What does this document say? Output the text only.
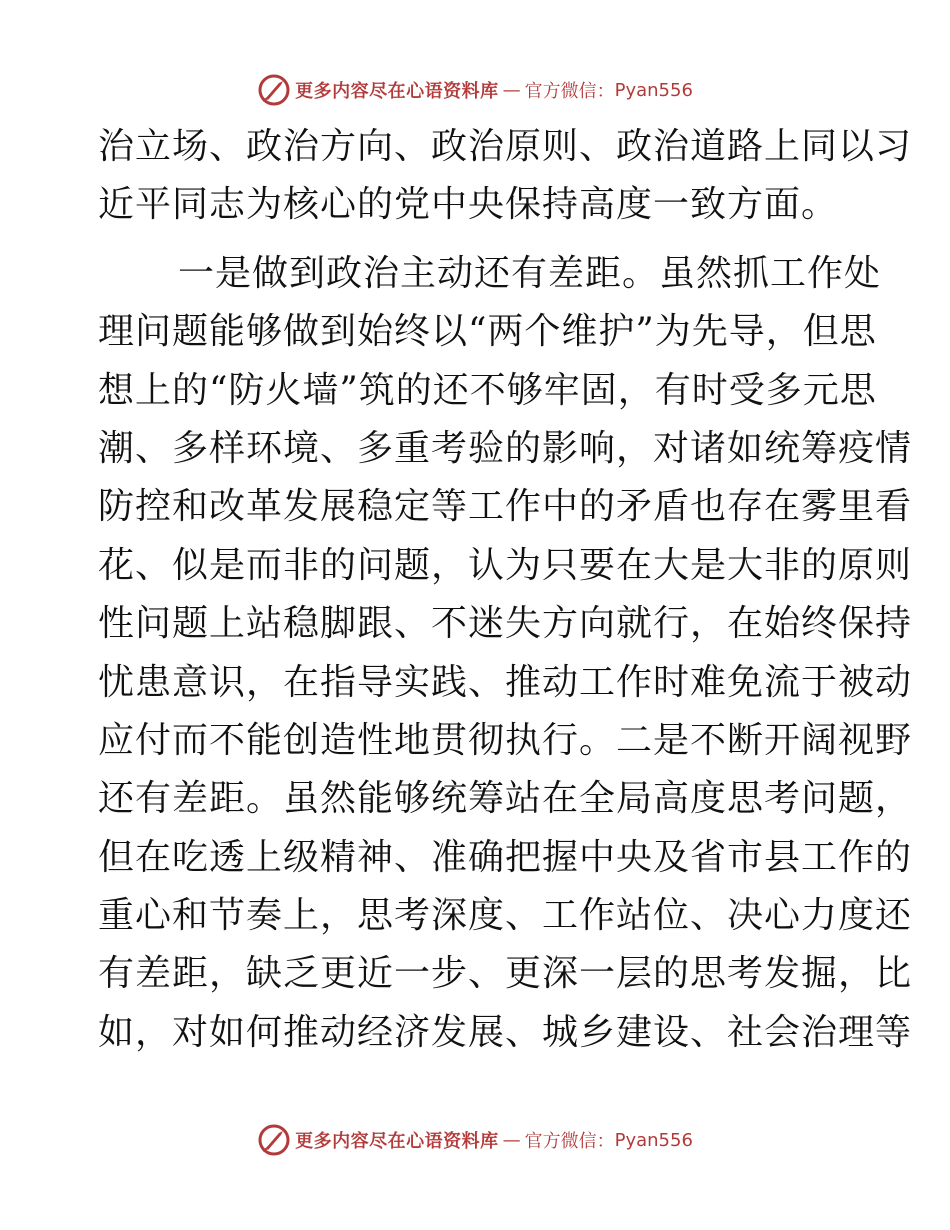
更多内容尽在心语资料库 — 官方微信： Pyan556
治立场、政治方向、政治原则、政治道路上同以习
近平同志为核心的党中央保持高度一致方面。
一是做到政治主动还有差距。虽然抓工作处
理问题能够做到始终以“两个维护”为先导，但思
想上的“防火墙”筑的还不够牢固，有时受多元思
潮、多样环境、多重考验的影响，对诸如统筹疫情
防控和改革发展稳定等工作中的矛盾也存在雾里看
花、似是而非的问题，认为只要在大是大非的原则
性问题上站稳脚跟、不迷失方向就行，在始终保持
忧患意识，在指导实践、推动工作时难免流于被动
应付而不能创造性地贯彻执行。二是不断开阔视野
还有差距。虽然能够统筹站在全局高度思考问题，
但在吃透上级精神、准确把握中央及省市县工作的
重心和节奏上，思考深度、工作站位、决心力度还
有差距，缺乏更近一步、更深一层的思考发掘，比
如，对如何推动经济发展、城乡建设、社会治理等
更多内容尽在心语资料库 — 官方微信： Pyan556
